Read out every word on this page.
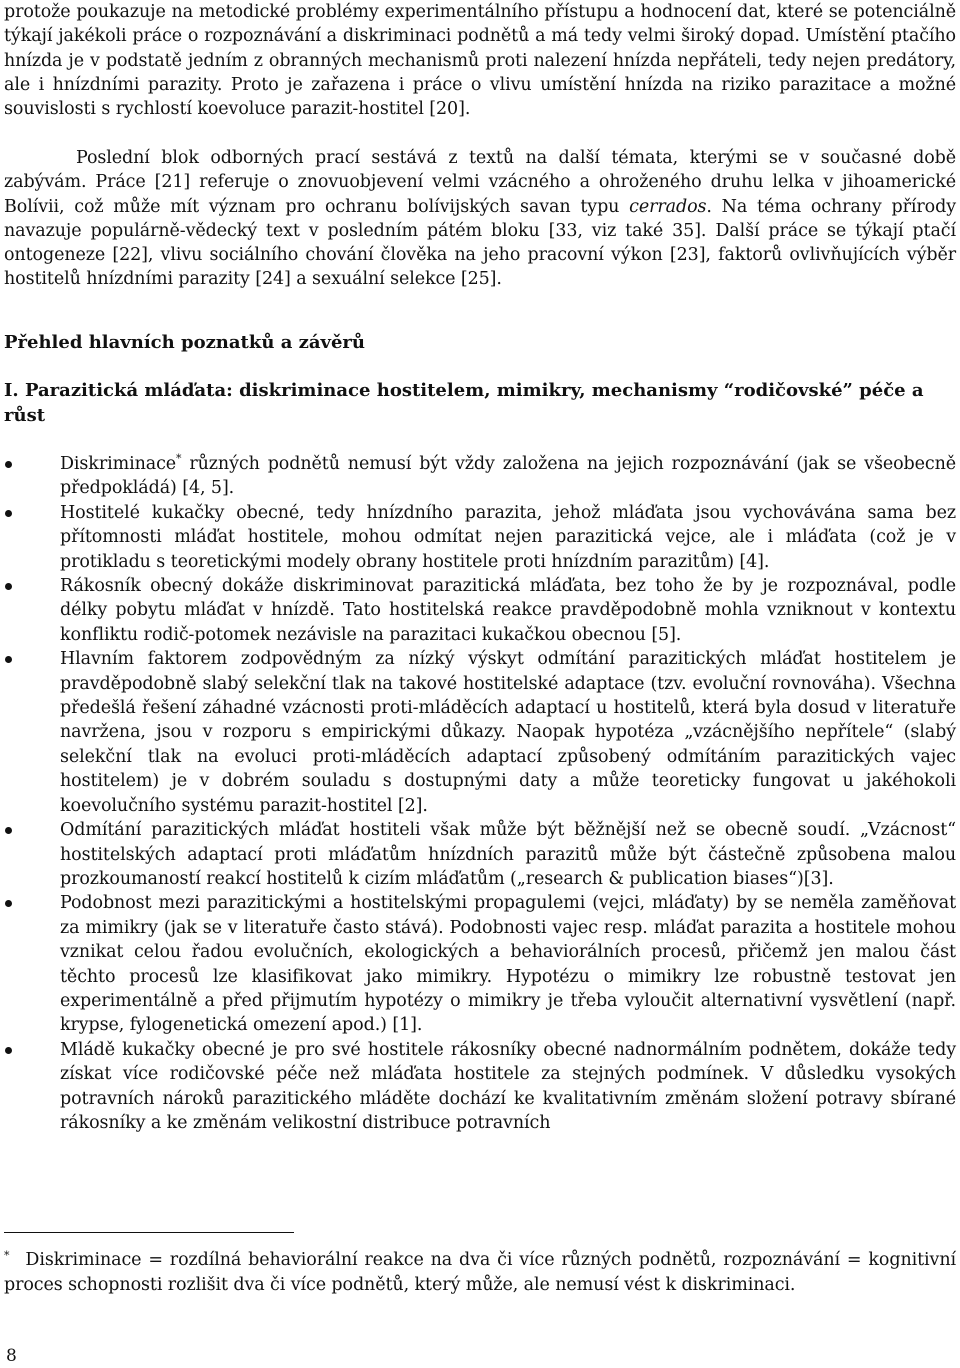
protože poukazuje na metodické problémy experimentálního přístupu a hodnocení dat, které se potenciálně týkají jakékoli práce o rozpoznávání a diskriminaci podnětů a má tedy velmi široký dopad. Umístění ptačího hnízda je v podstatě jedním z obranných mechanismů proti nalezení hnízda nepřáteli, tedy nejen predátory, ale i hnízdními parazity. Proto je zařazena i práce o vlivu umístění hnízda na riziko parazitace a možné souvislosti s rychlostí koevoluce parazit-hostitel [20].

Poslední blok odborných prací sestává z textů na další témata, kterými se v současné době zabývám. Práce [21] referuje o znovuobjevení velmi vzácného a ohroženého druhu lelka v jihoamerické Bolívii, což může mít význam pro ochranu bolívijských savan typu cerrados. Na téma ochrany přírody navazuje populárně-vědecký text v posledním pátém bloku [33, viz také 35]. Další práce se týkají ptačí ontogeneze [22], vlivu sociálního chování člověka na jeho pracovní výkon [23], faktorů ovlivňujících výběr hostitelů hnízdními parazity [24] a sexuální selekce [25].

Přehled hlavních poznatků a závěrů
I. Parazitická mláďata: diskriminace hostitelem, mimikry, mechanismy “rodičovské” péče a růst
Diskriminace* různých podnětů nemusí být vždy založena na jejich rozpoznávání (jak se všeobecně předpokládá) [4, 5].
Hostitelé kukačky obecné, tedy hnízdního parazita, jehož mláďata jsou vychovávána sama bez přítomnosti mláďat hostitele, mohou odmítat nejen parazitická vejce, ale i mláďata (což je v protikladu s teoretickými modely obrany hostitele proti hnízdním parazitům) [4].
Rákosník obecný dokáže diskriminovat parazitická mláďata, bez toho že by je rozpoznával, podle délky pobytu mláďat v hnízdě. Tato hostitelská reakce pravděpodobně mohla vzniknout v kontextu konfliktu rodič-potomek nezávisle na parazitaci kukačkou obecnou [5].
Hlavním faktorem zodpovědným za nízký výskyt odmítání parazitických mláďat hostitelem je pravděpodobně slabý selekční tlak na takové hostitelské adaptace (tzv. evoluční rovnováha). Všechna předešlá řešení záhadné vzácnosti proti-mláděcích adaptací u hostitelů, která byla dosud v literatuře navržena, jsou v rozporu s empirickými důkazy. Naopak hypotéza „vzácnějšího nepřítele“ (slabý selekční tlak na evoluci proti-mláděcích adaptací způsobený odmítáním parazitických vajec hostitelem) je v dobrém souladu s dostupnými daty a může teoreticky fungovat u jakéhokoli koevolučního systému parazit-hostitel [2].
Odmítání parazitických mláďat hostiteli však může být běžnější než se obecně soudí. „Vzácnost“ hostitelských adaptací proti mláďatům hnízdních parazitů může být částečně způsobena malou prozkoumaností reakcí hostitelů k cizím mláďatům („research & publication biases“)[3].
Podobnost mezi parazitickými a hostitelskými propagulemi (vejci, mláďaty) by se neměla zaměňovat za mimikry (jak se v literatuře často stává). Podobnosti vajec resp. mláďat parazita a hostitele mohou vznikat celou řadou evolučních, ekologických a behaviorálních procesů, přičemž jen malou část těchto procesů lze klasifikovat jako mimikry. Hypotézu o mimikry lze robustně testovat jen experimentálně a před přijmutím hypotézy o mimikry je třeba vyloučit alternativní vysvětlení (např. krypse, fylogenetická omezení apod.) [1].
Mládě kukačky obecné je pro své hostitele rákosníky obecné nadnormálním podnětem, dokáže tedy získat více rodičovské péče než mláďata hostitele za stejných podmínek. V důsledku vysokých potravních nároků parazitického mláděte dochází ke kvalitativním změnám složení potravy sbírané rákosníky a ke změnám velikostní distribuce potravních

* Diskriminace = rozdílná behaviorální reakce na dva či více různých podnětů, rozpoznávání = kognitivní proces schopnosti rozlišit dva či více podnětů, který může, ale nemusí vést k diskriminaci.

8
